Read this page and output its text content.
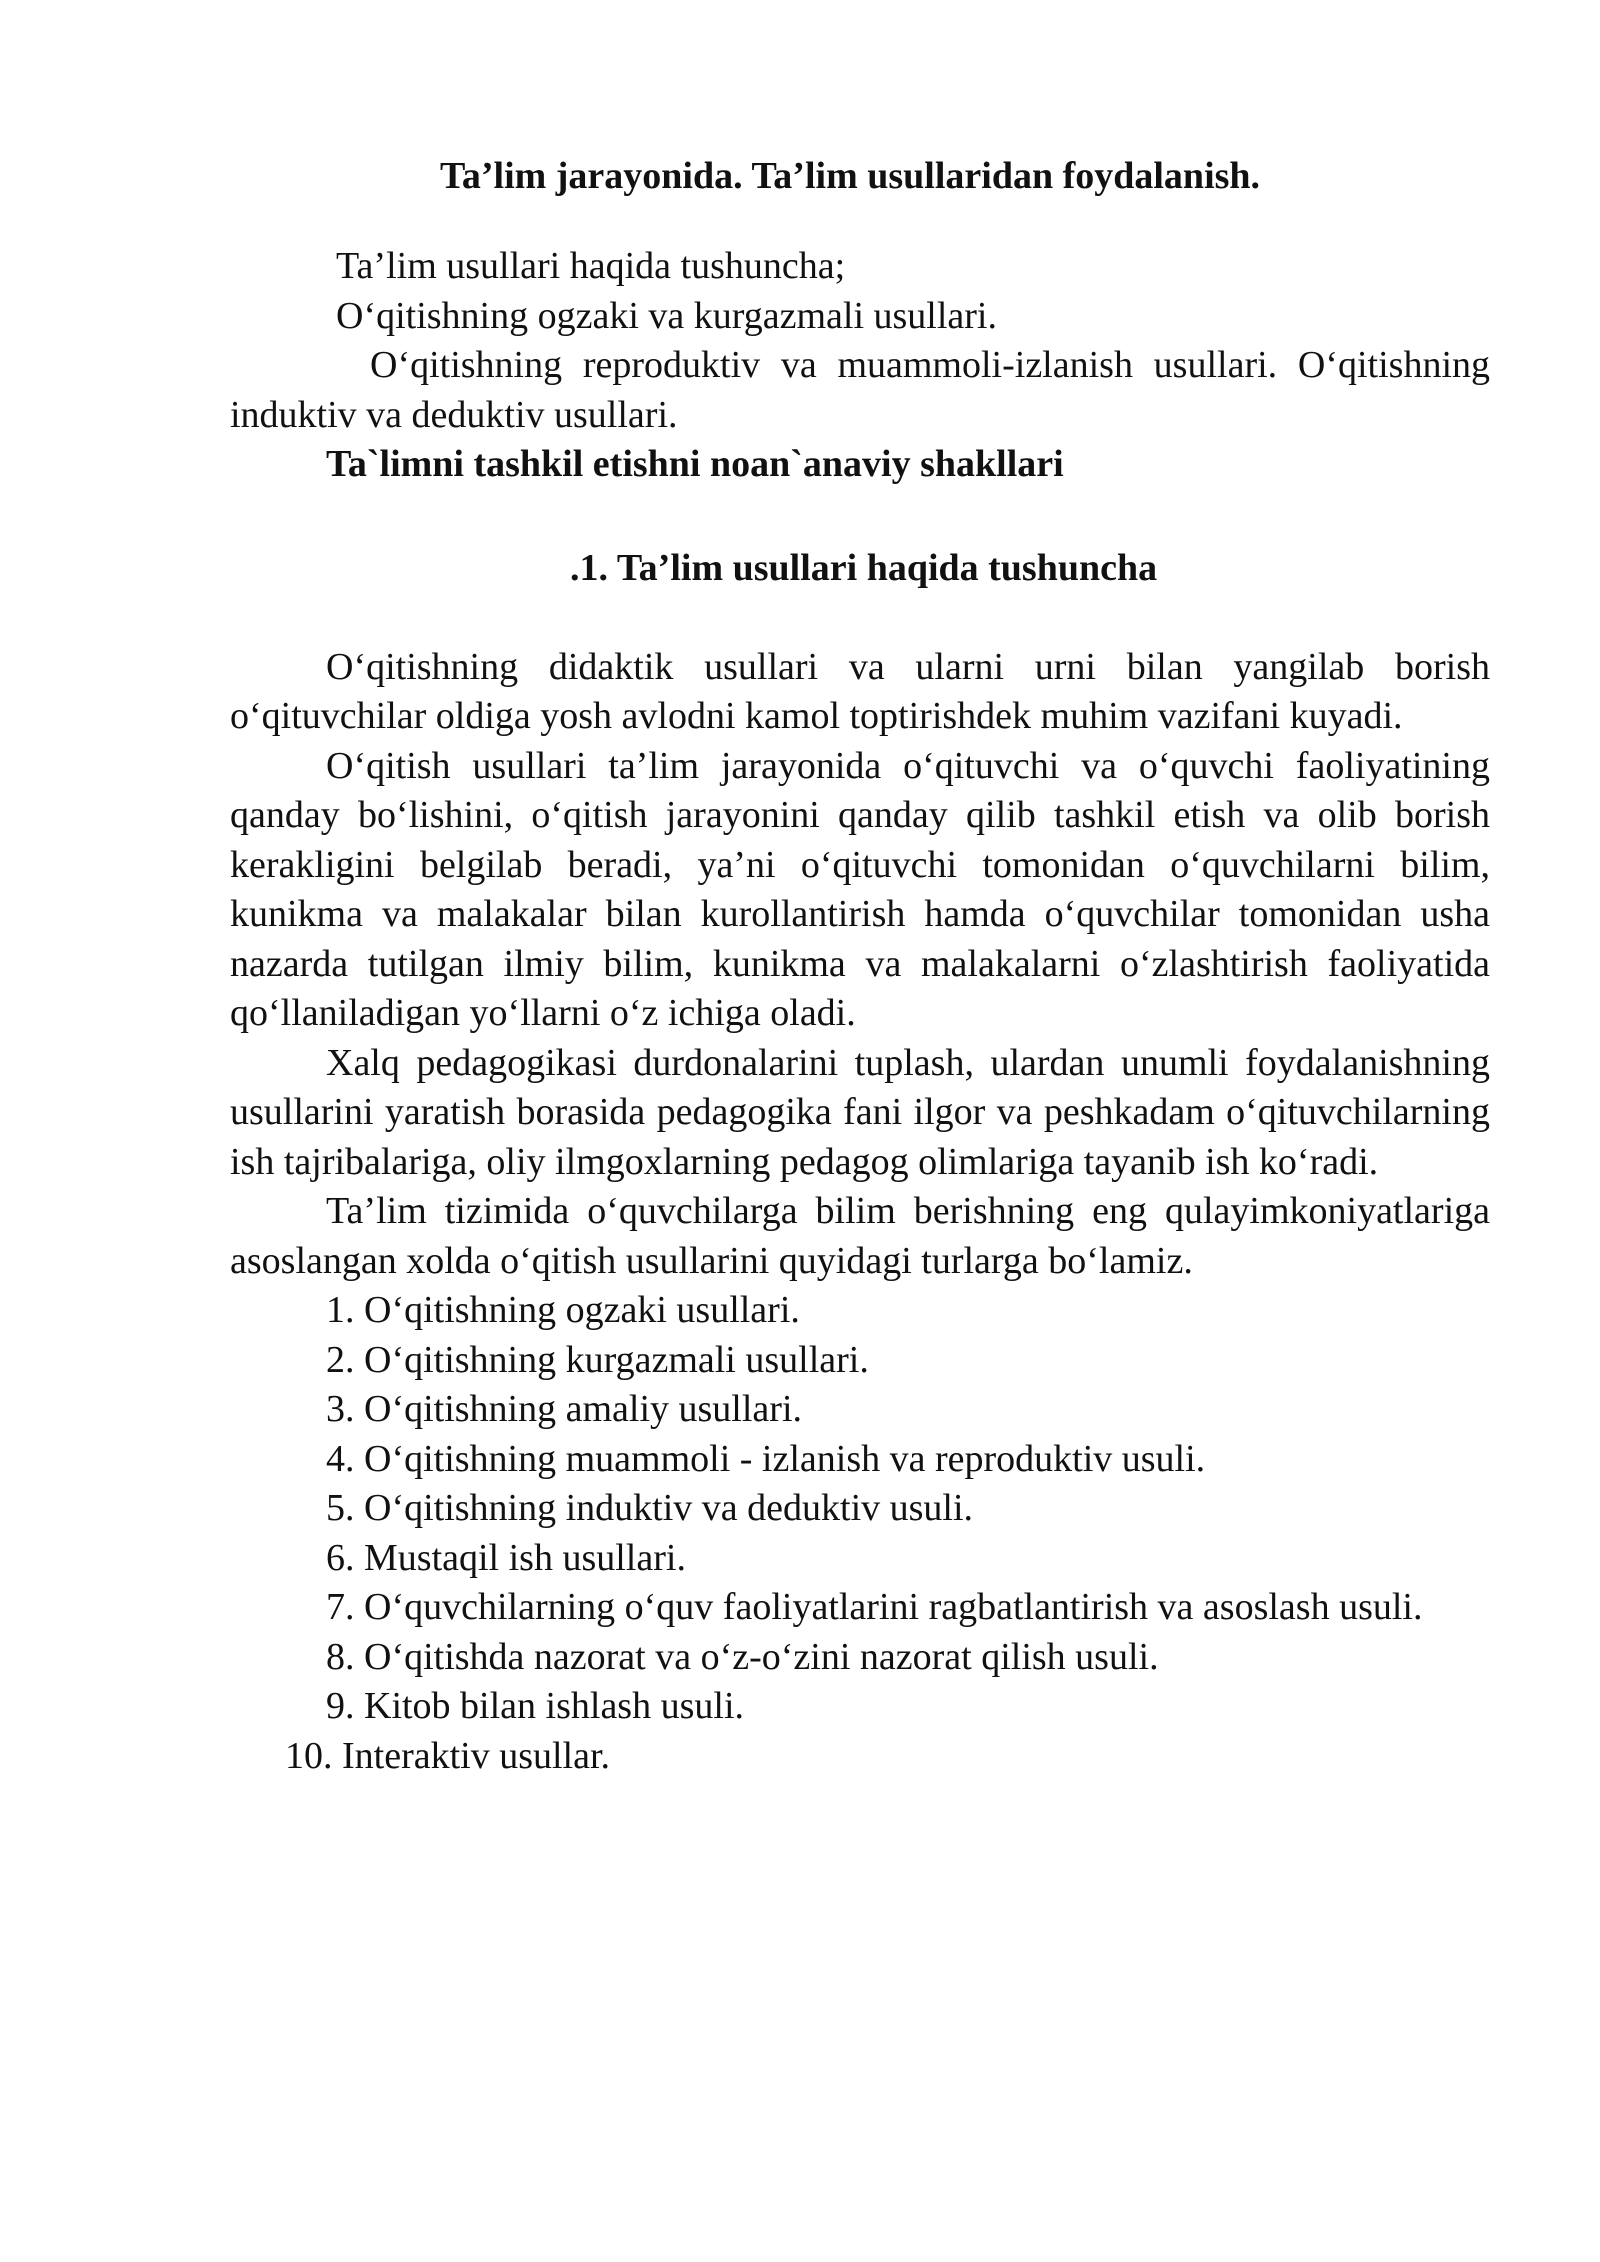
Ta’lim jarayonida. Ta’lim usullaridan foydalanish.

Ta’lim usullari haqida tushuncha;

O‘qitishning ogzaki va kurgazmali usullari.

O‘qitishning reproduktiv va muammoli-izlanish usullari. O‘qitishning induktiv va deduktiv usullari.

Ta`limni tashkil etishni noan`anaviy shakllari

.1. Ta’lim usullari haqida tushuncha

O‘qitishning didaktik usullari va ularni urni bilan yangilab borish o‘qituvchilar oldiga yosh avlodni kamol toptirishdek muhim vazifani kuyadi.

O‘qitish usullari ta’lim jarayonida o‘qituvchi va o‘quvchi faoliyatining qanday bo‘lishini, o‘qitish jarayonini qanday qilib tashkil etish va olib borish kerakligini belgilab beradi, ya’ni o‘qituvchi tomonidan o‘quvchilarni bilim, kunikma va malakalar bilan kurollantirish hamda o‘quvchilar tomonidan usha nazarda tutilgan ilmiy bilim, kunikma va malakalarni o‘zlashtirish faoliyatida qo‘llaniladigan yo‘llarni o‘z ichiga oladi.

Xalq pedagogikasi durdonalarini tuplash, ulardan unumli foydalanishning usullarini yaratish borasida pedagogika fani ilgor va peshkadam o‘qituvchilarning ish tajribalariga, oliy ilmgoxlarning pedagog olimlariga tayanib ish ko‘radi.

Ta’lim tizimida o‘quvchilarga bilim berishning eng qulayimkoniyatlariga asoslangan xolda o‘qitish usullarini quyidagi turlarga bo‘lamiz.

1. O‘qitishning ogzaki usullari.
2. O‘qitishning kurgazmali usullari.
3. O‘qitishning amaliy usullari.
4. O‘qitishning muammoli - izlanish va reproduktiv usuli.
5. O‘qitishning induktiv va deduktiv usuli.
6. Mustaqil ish usullari.
7. O‘quvchilarning o‘quv faoliyatlarini ragbatlantirish va asoslash usuli.
8. O‘qitishda nazorat va o‘z-o‘zini nazorat qilish usuli.
9. Kitob bilan ishlash usuli.
10. Interaktiv usullar.
